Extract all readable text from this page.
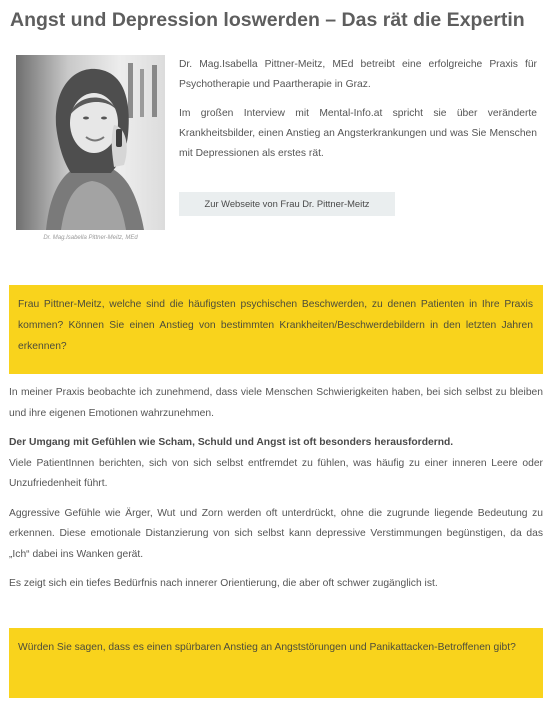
Angst und Depression loswerden – Das rät die Expertin
Dr. Mag.Isabella Pittner-Meitz, MEd

Dr. Mag.Isabella Pittner-Meitz, MEd betreibt eine erfolgreiche Praxis für Psychotherapie und Paartherapie in Graz.

Im großen Interview mit Mental-Info.at spricht sie über veränderte Krankheitsbilder, einen Anstieg an Angsterkrankungen und was Sie Menschen mit Depressionen als erstes rät.

Zur Webseite von Frau Dr. Pittner-Meitz
Frau Pittner-Meitz, welche sind die häufigsten psychischen Beschwerden, zu denen Patienten in Ihre Praxis kommen? Können Sie einen Anstieg von bestimmten Krankheiten/Beschwerdebildern in den letzten Jahren erkennen?

In meiner Praxis beobachte ich zunehmend, dass viele Menschen Schwierigkeiten haben, bei sich selbst zu bleiben und ihre eigenen Emotionen wahrzunehmen.

Der Umgang mit Gefühlen wie Scham, Schuld und Angst ist oft besonders herausfordernd.
Viele PatientInnen berichten, sich von sich selbst entfremdet zu fühlen, was häufig zu einer inneren Leere oder Unzufriedenheit führt.

Aggressive Gefühle wie Ärger, Wut und Zorn werden oft unterdrückt, ohne die zugrunde liegende Bedeutung zu erkennen. Diese emotionale Distanzierung von sich selbst kann depressive Verstimmungen begünstigen, da das „Ich“ dabei ins Wanken gerät.

Es zeigt sich ein tiefes Bedürfnis nach innerer Orientierung, die aber oft schwer zugänglich ist.

Würden Sie sagen, dass es einen spürbaren Anstieg an Angststörungen und Panikattacken-Betroffenen gibt?
